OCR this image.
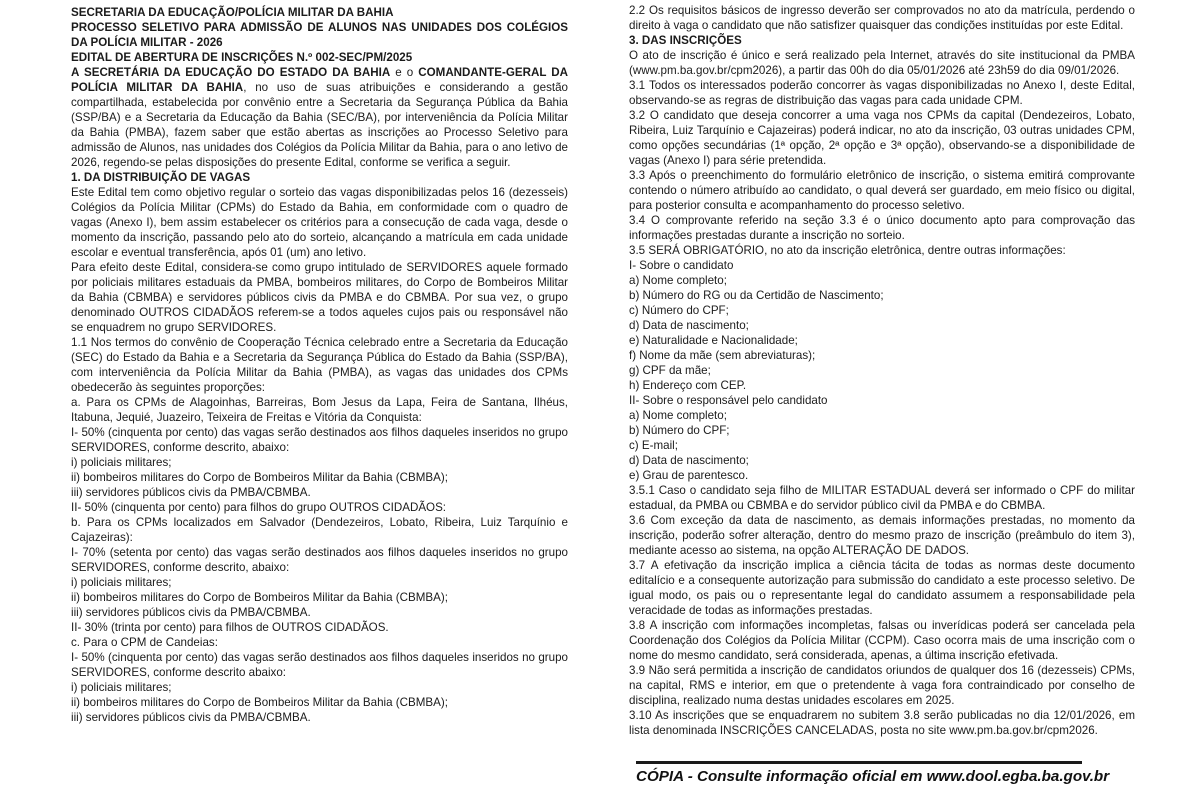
SECRETARIA DA EDUCAÇÃO/POLÍCIA MILITAR DA BAHIA

PROCESSO SELETIVO PARA ADMISSÃO DE ALUNOS NAS UNIDADES DOS COLÉGIOS DA POLÍCIA MILITAR - 2026

EDITAL DE ABERTURA DE INSCRIÇÕES N.º 002-SEC/PM/2025

A SECRETÁRIA DA EDUCAÇÃO DO ESTADO DA BAHIA e o COMANDANTE-GERAL DA POLÍCIA MILITAR DA BAHIA, no uso de suas atribuições e considerando a gestão compartilhada, estabelecida por convênio entre a Secretaria da Segurança Pública da Bahia (SSP/BA) e a Secretaria da Educação da Bahia (SEC/BA), por interveniência da Polícia Militar da Bahia (PMBA), fazem saber que estão abertas as inscrições ao Processo Seletivo para admissão de Alunos, nas unidades dos Colégios da Polícia Militar da Bahia, para o ano letivo de 2026, regendo-se pelas disposições do presente Edital, conforme se verifica a seguir.

1. DA DISTRIBUIÇÃO DE VAGAS

Este Edital tem como objetivo regular o sorteio das vagas disponibilizadas pelos 16 (dezesseis) Colégios da Polícia Militar (CPMs) do Estado da Bahia, em conformidade com o quadro de vagas (Anexo I), bem assim estabelecer os critérios para a consecução de cada vaga, desde o momento da inscrição, passando pelo ato do sorteio, alcançando a matrícula em cada unidade escolar e eventual transferência, após 01 (um) ano letivo.

Para efeito deste Edital, considera-se como grupo intitulado de SERVIDORES aquele formado por policiais militares estaduais da PMBA, bombeiros militares, do Corpo de Bombeiros Militar da Bahia (CBMBA) e servidores públicos civis da PMBA e do CBMBA. Por sua vez, o grupo denominado OUTROS CIDADÃOS referem-se a todos aqueles cujos pais ou responsável não se enquadrem no grupo SERVIDORES.

1.1 Nos termos do convênio de Cooperação Técnica celebrado entre a Secretaria da Educação (SEC) do Estado da Bahia e a Secretaria da Segurança Pública do Estado da Bahia (SSP/BA), com interveniência da Polícia Militar da Bahia (PMBA), as vagas das unidades dos CPMs obedecerão às seguintes proporções:

a. Para os CPMs de Alagoinhas, Barreiras, Bom Jesus da Lapa, Feira de Santana, Ilhéus, Itabuna, Jequié, Juazeiro, Teixeira de Freitas e Vitória da Conquista:

I- 50% (cinquenta por cento) das vagas serão destinados aos filhos daqueles inseridos no grupo SERVIDORES, conforme descrito, abaixo:

i) policiais militares;

ii) bombeiros militares do Corpo de Bombeiros Militar da Bahia (CBMBA);

iii) servidores públicos civis da PMBA/CBMBA.

II- 50% (cinquenta por cento) para filhos do grupo OUTROS CIDADÃOS:

b. Para os CPMs localizados em Salvador (Dendezeiros, Lobato, Ribeira, Luiz Tarquínio e Cajazeiras):

I- 70% (setenta por cento) das vagas serão destinados aos filhos daqueles inseridos no grupo SERVIDORES, conforme descrito, abaixo:

i) policiais militares;

ii) bombeiros militares do Corpo de Bombeiros Militar da Bahia (CBMBA);

iii) servidores públicos civis da PMBA/CBMBA.

II- 30% (trinta por cento) para filhos de OUTROS CIDADÃOS.

c. Para o CPM de Candeias:

I- 50% (cinquenta por cento) das vagas serão destinados aos filhos daqueles inseridos no grupo SERVIDORES, conforme descrito abaixo:

i) policiais militares;

ii) bombeiros militares do Corpo de Bombeiros Militar da Bahia (CBMBA);

iii) servidores públicos civis da PMBA/CBMBA.

2.2 Os requisitos básicos de ingresso deverão ser comprovados no ato da matrícula, perdendo o direito à vaga o candidato que não satisfizer quaisquer das condições instituídas por este Edital.

3. DAS INSCRIÇÕES

O ato de inscrição é único e será realizado pela Internet, através do site institucional da PMBA (www.pm.ba.gov.br/cpm2026), a partir das 00h do dia 05/01/2026 até 23h59 do dia 09/01/2026.

3.1 Todos os interessados poderão concorrer às vagas disponibilizadas no Anexo I, deste Edital, observando-se as regras de distribuição das vagas para cada unidade CPM.

3.2 O candidato que deseja concorrer a uma vaga nos CPMs da capital (Dendezeiros, Lobato, Ribeira, Luiz Tarquínio e Cajazeiras) poderá indicar, no ato da inscrição, 03 outras unidades CPM, como opções secundárias (1ª opção, 2ª opção e 3ª opção), observando-se a disponibilidade de vagas (Anexo I) para série pretendida.

3.3 Após o preenchimento do formulário eletrônico de inscrição, o sistema emitirá comprovante contendo o número atribuído ao candidato, o qual deverá ser guardado, em meio físico ou digital, para posterior consulta e acompanhamento do processo seletivo.

3.4 O comprovante referido na seção 3.3 é o único documento apto para comprovação das informações prestadas durante a inscrição no sorteio.

3.5 SERÁ OBRIGATÓRIO, no ato da inscrição eletrônica, dentre outras informações:

I- Sobre o candidato

a) Nome completo;

b) Número do RG ou da Certidão de Nascimento;

c) Número do CPF;

d) Data de nascimento;

e) Naturalidade e Nacionalidade;

f) Nome da mãe (sem abreviaturas);

g) CPF da mãe;

h) Endereço com CEP.

II- Sobre o responsável pelo candidato

a) Nome completo;

b) Número do CPF;

c) E-mail;

d) Data de nascimento;

e) Grau de parentesco.

3.5.1 Caso o candidato seja filho de MILITAR ESTADUAL deverá ser informado o CPF do militar estadual, da PMBA ou CBMBA e do servidor público civil da PMBA e do CBMBA.

3.6 Com exceção da data de nascimento, as demais informações prestadas, no momento da inscrição, poderão sofrer alteração, dentro do mesmo prazo de inscrição (preâmbulo do item 3), mediante acesso ao sistema, na opção ALTERAÇÃO DE DADOS.

3.7 A efetivação da inscrição implica a ciência tácita de todas as normas deste documento editalício e a consequente autorização para submissão do candidato a este processo seletivo. De igual modo, os pais ou o representante legal do candidato assumem a responsabilidade pela veracidade de todas as informações prestadas.

3.8 A inscrição com informações incompletas, falsas ou inverídicas poderá ser cancelada pela Coordenação dos Colégios da Polícia Militar (CCPM). Caso ocorra mais de uma inscrição com o nome do mesmo candidato, será considerada, apenas, a última inscrição efetivada.

3.9 Não será permitida a inscrição de candidatos oriundos de qualquer dos 16 (dezesseis) CPMs, na capital, RMS e interior, em que o pretendente à vaga fora contraindicado por conselho de disciplina, realizado numa destas unidades escolares em 2025.

3.10 As inscrições que se enquadrarem no subitem 3.8 serão publicadas no dia 12/01/2026, em lista denominada INSCRIÇÕES CANCELADAS, posta no site www.pm.ba.gov.br/cpm2026.

CÓPIA - Consulte informação oficial em www.dool.egba.ba.gov.br
